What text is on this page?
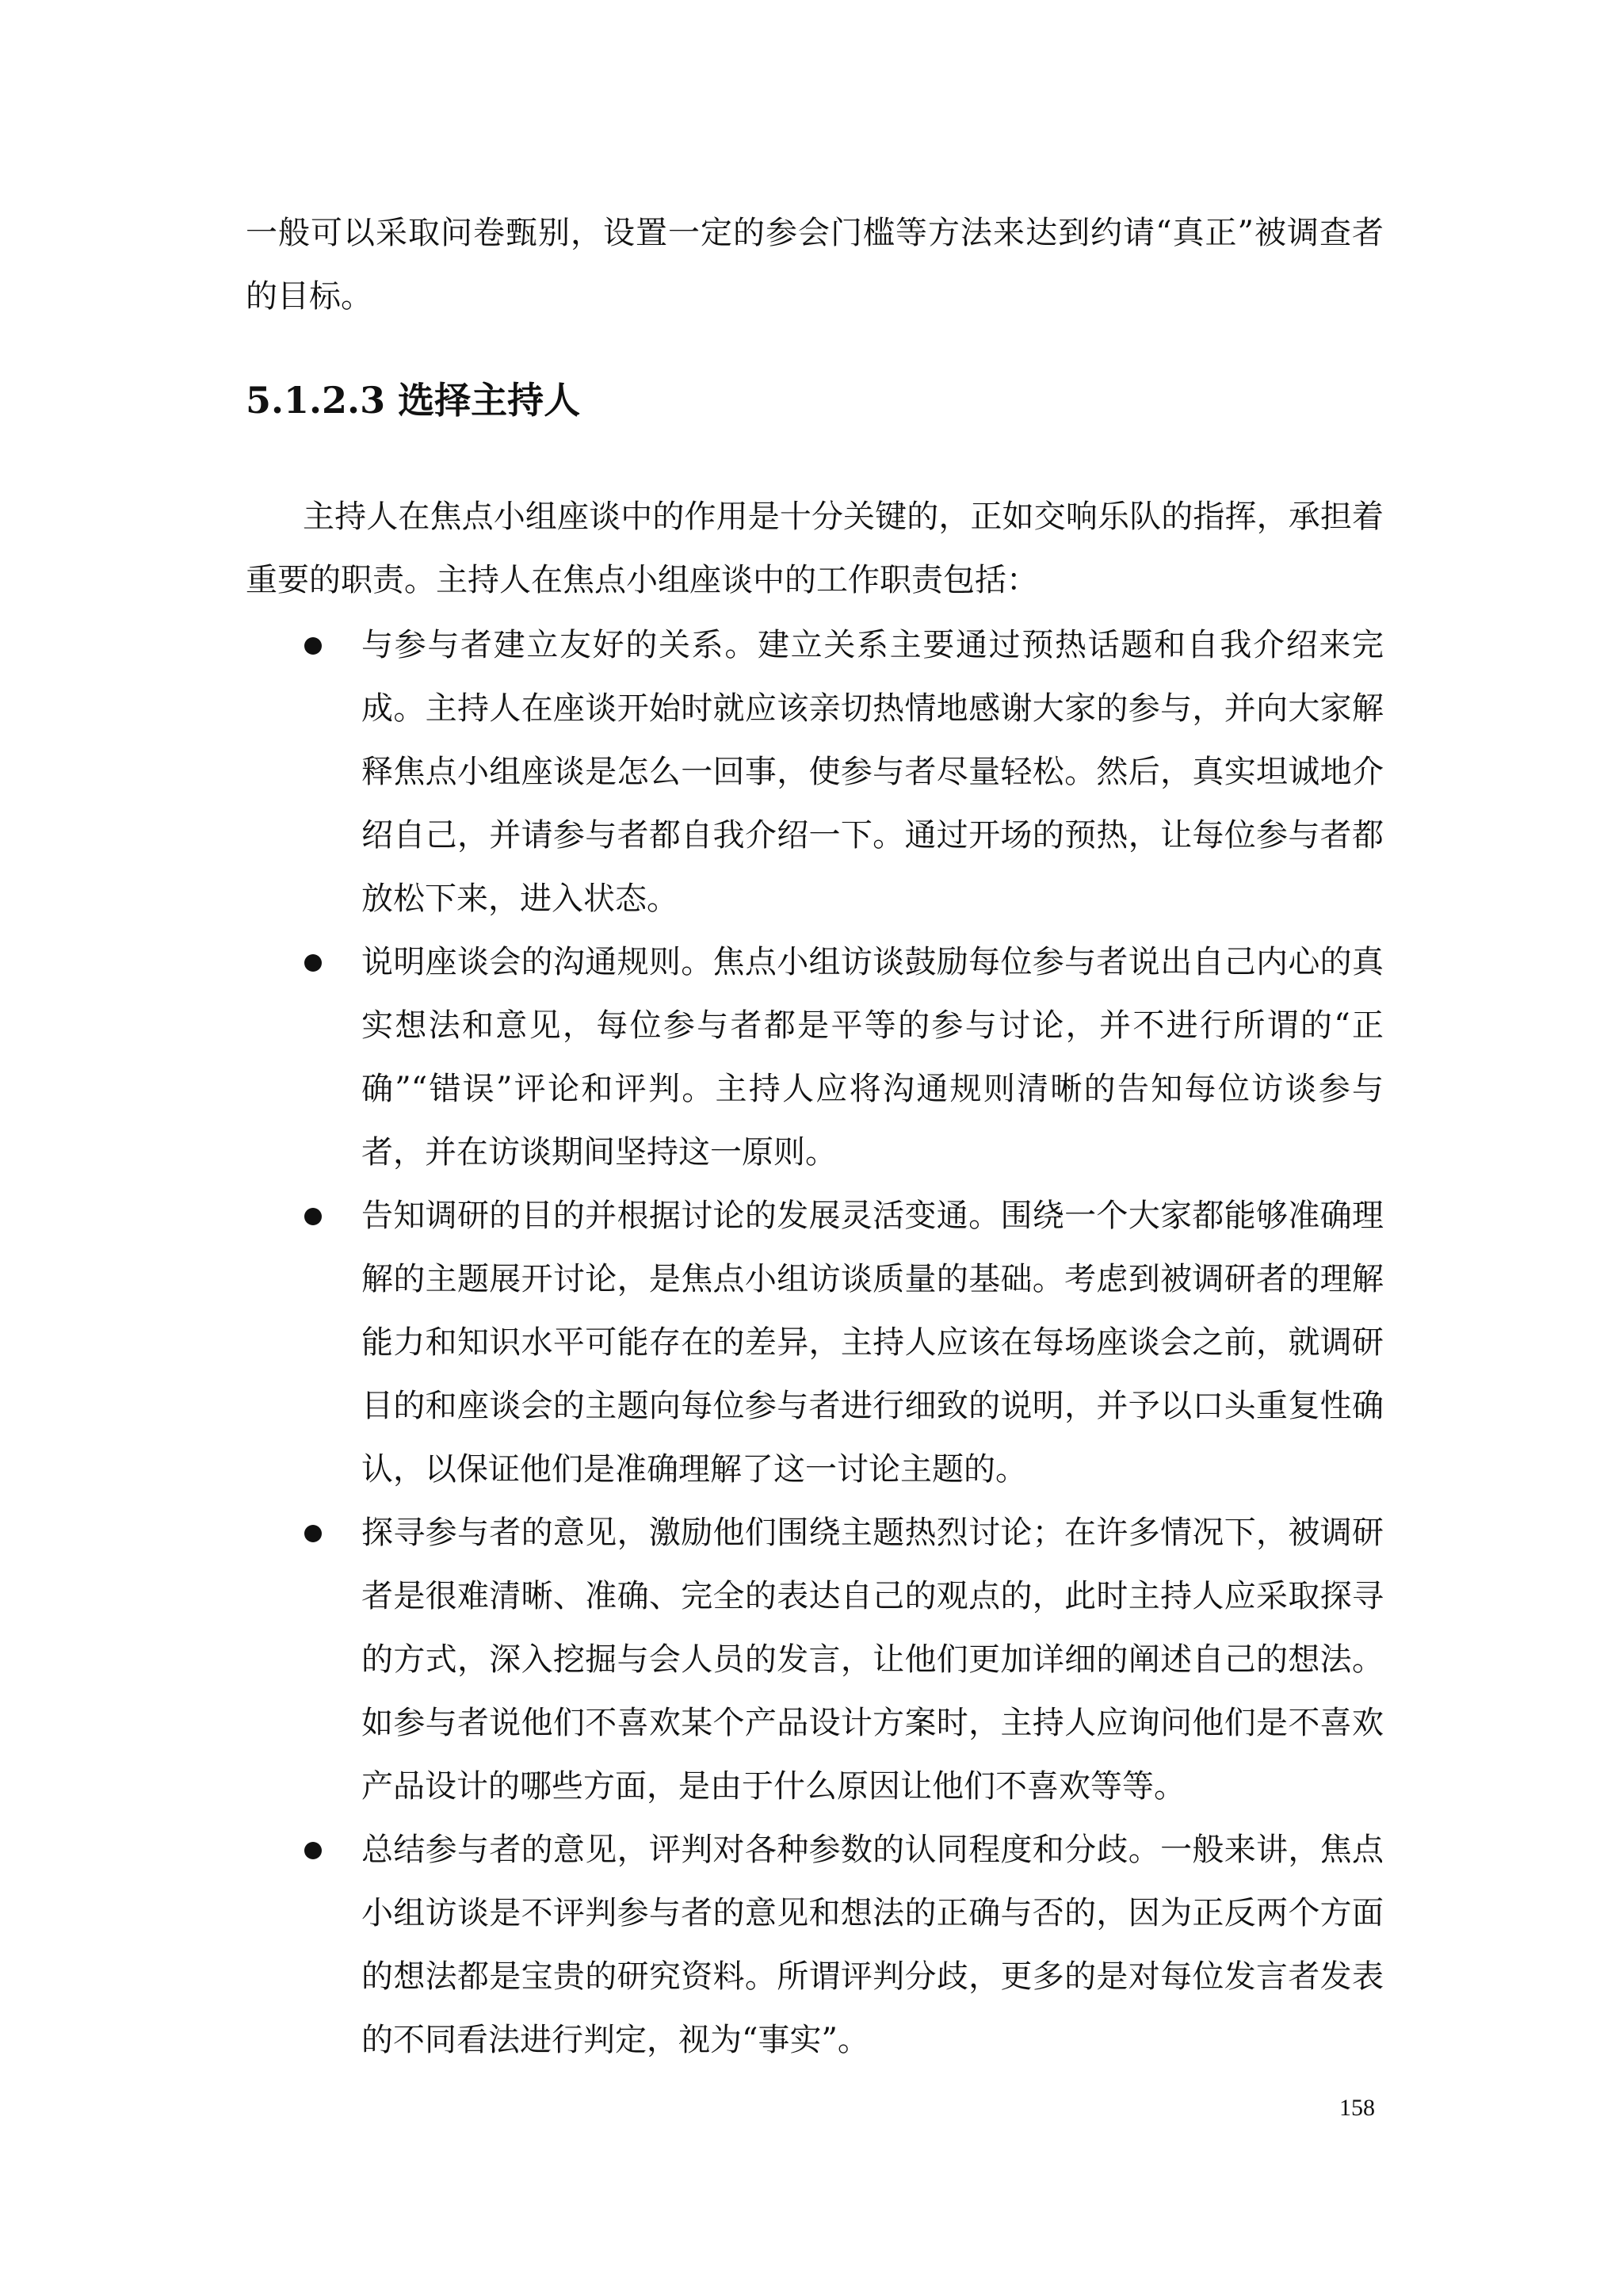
一般可以采取问卷甄别，设置一定的参会门槛等方法来达到约请“真正”被调查者的目标。
5.1.2.3 选择主持人
主持人在焦点小组座谈中的作用是十分关键的，正如交响乐队的指挥，承担着重要的职责。主持人在焦点小组座谈中的工作职责包括：
与参与者建立友好的关系。建立关系主要通过预热话题和自我介绍来完成。主持人在座谈开始时就应该亲切热情地感谢大家的参与，并向大家解释焦点小组座谈是怎么一回事，使参与者尽量轻松。然后，真实坦诚地介绍自己，并请参与者都自我介绍一下。通过开场的预热，让每位参与者都放松下来，进入状态。
说明座谈会的沟通规则。焦点小组访谈鼓励每位参与者说出自己内心的真实想法和意见，每位参与者都是平等的参与讨论，并不进行所谓的“正确”“错误”评论和评判。主持人应将沟通规则清晰的告知每位访谈参与者，并在访谈期间坚持这一原则。
告知调研的目的并根据讨论的发展灵活变通。围绕一个大家都能够准确理解的主题展开讨论，是焦点小组访谈质量的基础。考虑到被调研者的理解能力和知识水平可能存在的差异，主持人应该在每场座谈会之前，就调研目的和座谈会的主题向每位参与者进行细致的说明，并予以口头重复性确认，以保证他们是准确理解了这一讨论主题的。
探寻参与者的意见，激励他们围绕主题热烈讨论；在许多情况下，被调研者是很难清晰、准确、完全的表达自己的观点的，此时主持人应采取探寻的方式，深入挖掘与会人员的发言，让他们更加详细的阐述自己的想法。如参与者说他们不喜欢某个产品设计方案时，主持人应询问他们是不喜欢产品设计的哪些方面，是由于什么原因让他们不喜欢等等。
总结参与者的意见，评判对各种参数的认同程度和分歧。一般来讲，焦点小组访谈是不评判参与者的意见和想法的正确与否的，因为正反两个方面的想法都是宝贵的研究资料。所谓评判分歧，更多的是对每位发言者发表的不同看法进行判定，视为“事实”。
158
